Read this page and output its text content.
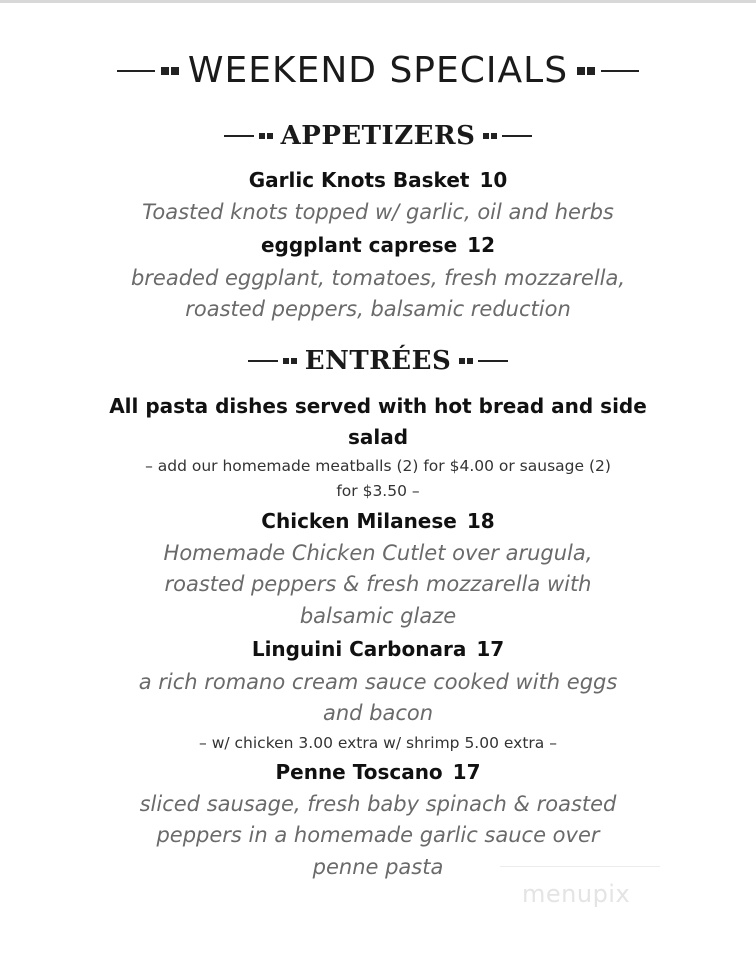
WEEKEND SPECIALS
APPETIZERS
Garlic Knots Basket 10
Toasted knots topped w/ garlic, oil and herbs
eggplant caprese 12
breaded eggplant, tomatoes, fresh mozzarella,
roasted peppers, balsamic reduction
ENTRÉES
All pasta dishes served with hot bread and side
salad
– add our homemade meatballs (2) for $4.00 or sausage (2)
for $3.50 –
Chicken Milanese 18
Homemade Chicken Cutlet over arugula,
roasted peppers & fresh mozzarella with
balsamic glaze
Linguini Carbonara 17
a rich romano cream sauce cooked with eggs
and bacon
– w/ chicken 3.00 extra w/ shrimp 5.00 extra –
Penne Toscano 17
sliced sausage, fresh baby spinach & roasted
peppers in a homemade garlic sauce over
penne pasta
menupix
